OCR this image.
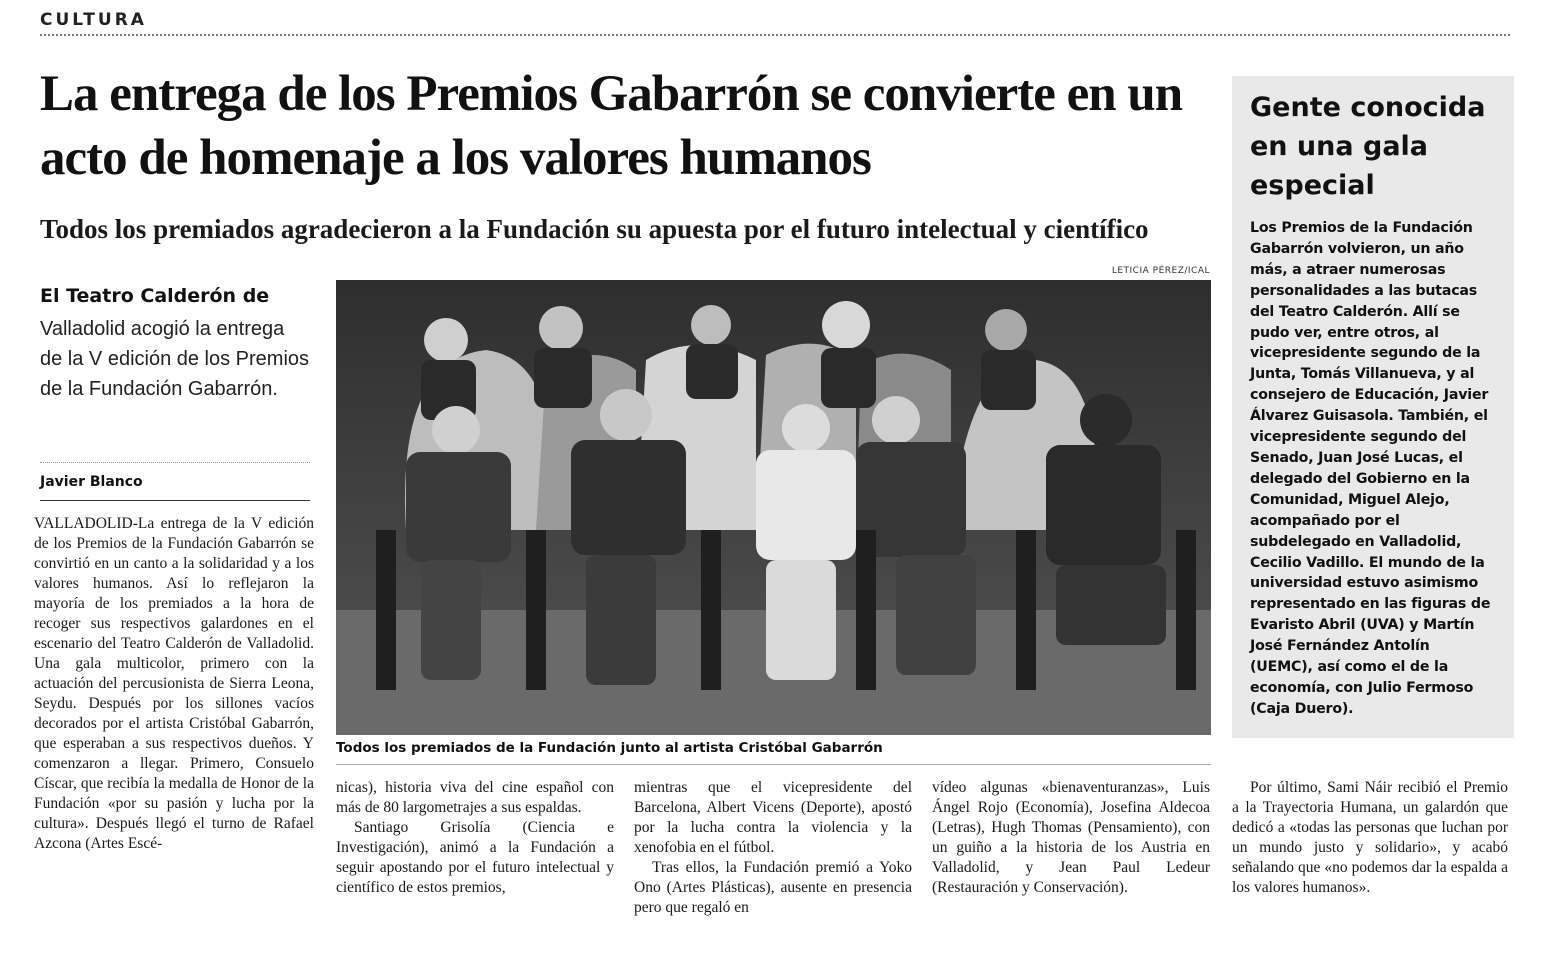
CULTURA
La entrega de los Premios Gabarrón se convierte en un acto de homenaje a los valores humanos
Todos los premiados agradecieron a la Fundación su apuesta por el futuro intelectual y científico
El Teatro Calderón de
Valladolid acogió la entrega de la V edición de los Premios de la Fundación Gabarrón.
Javier Blanco

VALLADOLID-La entrega de la V edición de los Premios de la Fundación Gabarrón se convirtió en un canto a la solidaridad y a los valores humanos. Así lo reflejaron la mayoría de los premiados a la hora de recoger sus respectivos galardones en el escenario del Teatro Calderón de Valladolid. Una gala multicolor, primero con la actuación del percusionista de Sierra Leona, Seydu. Después por los sillones vacíos decorados por el artista Cristóbal Gabarrón, que esperaban a sus respectivos dueños. Y comenzaron a llegar. Primero, Consuelo Císcar, que recibía la medalla de Honor de la Fundación «por su pasión y lucha por la cultura». Después llegó el turno de Rafael Azcona (Artes Escé-

LETICIA PÉREZ/ICAL
Todos los premiados de la Fundación junto al artista Cristóbal Gabarrón

nicas), historia viva del cine español con más de 80 largometrajes a sus espaldas.

Santiago Grisolía (Ciencia e Investigación), animó a la Fundación a seguir apostando por el futuro intelectual y científico de estos premios,

mientras que el vicepresidente del Barcelona, Albert Vicens (Deporte), apostó por la lucha contra la violencia y la xenofobia en el fútbol.

Tras ellos, la Fundación premió a Yoko Ono (Artes Plásticas), ausente en presencia pero que regaló en

vídeo algunas «bienaventuranzas», Luis Ángel Rojo (Economía), Josefina Aldecoa (Letras), Hugh Thomas (Pensamiento), con un guiño a la historia de los Austria en Valladolid, y Jean Paul Ledeur (Restauración y Conservación).

Por último, Sami Náir recibió el Premio a la Trayectoria Humana, un galardón que dedicó a «todas las personas que luchan por un mundo justo y solidario», y acabó señalando que «no podemos dar la espalda a los valores humanos».

Gente conocida en una gala especial

Los Premios de la Fundación Gabarrón volvieron, un año más, a atraer numerosas personalidades a las butacas del Teatro Calderón. Allí se pudo ver, entre otros, al vicepresidente segundo de la Junta, Tomás Villanueva, y al consejero de Educación, Javier Álvarez Guisasola. También, el vicepresidente segundo del Senado, Juan José Lucas, el delegado del Gobierno en la Comunidad, Miguel Alejo, acompañado por el subdelegado en Valladolid, Cecilio Vadillo. El mundo de la universidad estuvo asimismo representado en las figuras de Evaristo Abril (UVA) y Martín José Fernández Antolín (UEMC), así como el de la economía, con Julio Fermoso (Caja Duero).
